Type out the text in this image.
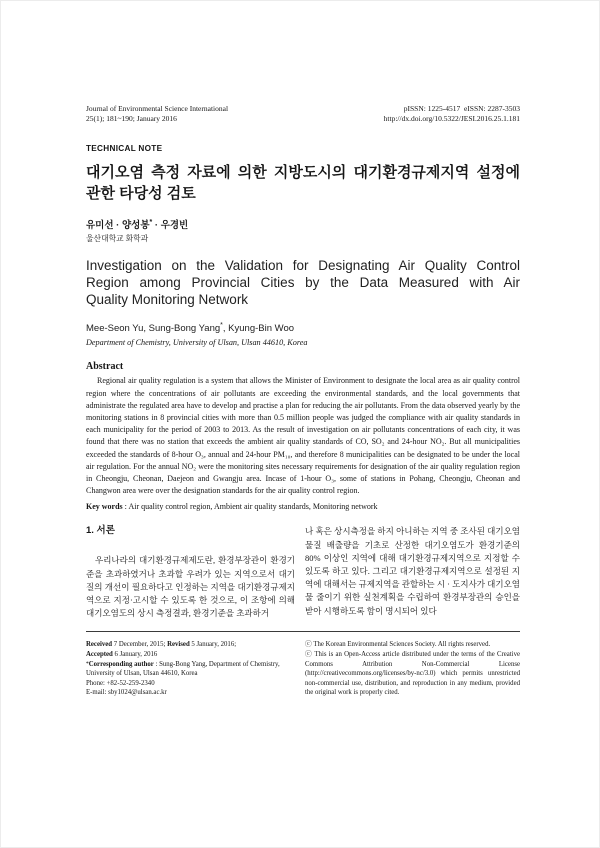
Journal of Environmental Science International
25(1); 181~190; January 2016
pISSN: 1225-4517  eISSN: 2287-3503
http://dx.doi.org/10.5322/JESI.2016.25.1.181
TECHNICAL NOTE
대기오염 측정 자료에 의한 지방도시의 대기환경규제지역 설정에
관한 타당성 검토
유미선 · 양성봉* · 우경빈
울산대학교 화학과
Investigation on the Validation for Designating Air Quality Control
Region among Provincial Cities by the Data Measured with Air
Quality Monitoring Network
Mee-Seon Yu, Sung-Bong Yang*, Kyung-Bin Woo
Department of Chemistry, University of Ulsan, Ulsan 44610, Korea
Abstract

Regional air quality regulation is a system that allows the Minister of Environment to designate the local area as air quality control region where the concentrations of air pollutants are exceeding the environmental standards, and the local governments that administrate the regulated area have to develop and practise a plan for reducing the air pollutants. From the data observed yearly by the monitoring stations in 8 provincial cities with more than 0.5 million people was judged the compliance with air quality standards in each municipality for the period of 2003 to 2013. As the result of investigation on air pollutants concentrations of each city, it was found that there was no station that exceeds the ambient air quality standards of CO, SO₂ and 24-hour NO₂. But all municipalities exceeded the standards of 8-hour O₃, annual and 24-hour PM₁₀, and therefore 8 municipalities can be designated to be under the local air regulation. For the annual NO₂ were the monitoring sites necessary requirements for designation of the air quality regulation region in Cheongju, Cheonan, Daejeon and Gwangju area. Incase of 1-hour O₃, some of stations in Pohang, Cheongju, Cheonan and Changwon area were over the designation standards for the air quality control region.

Key words : Air quality control region, Ambient air quality standards, Monitoring network
1. 서론

우리나라의 대기환경규제제도란, 환경부장관이 환경기준을 초과하였거나 초과할 우려가 있는 지역으로서 대기질의 개선이 필요하다고 인정하는 지역을 대기환경규제지역으로 지정·고시할 수 있도록 한 것으로, 이 조항에 의해 대기오염도의 상시 측정결과, 환경기준을 초과하거

나 혹은 상시측정을 하지 아니하는 지역 중 조사된 대기오염물질 배출량을 기초로 산정한 대기오염도가 환경기준의 80% 이상인 지역에 대해 대기환경규제지역으로 지정할 수 있도록 하고 있다. 그리고 대기환경규제지역으로 설정된 지역에 대해서는 규제지역을 관할하는 시 · 도지사가 대기오염물 줄이기 위한 실천계획을 수립하여 환경부장관의 승인을 받아 시행하도록 함이 명시되어 있다

Received 7 December, 2015; Revised 5 January, 2016;
Accepted 6 January, 2016
*Corresponding author : Sung-Bong Yang, Department of Chemistry, University of Ulsan, Ulsan 44610, Korea
Phone: +82-52-259-2340
E-mail: sby1024@ulsan.ac.kr

ⓒ The Korean Environmental Sciences Society. All rights reserved.

ⓒ This is an Open-Access article distributed under the terms of the Creative Commons Attribution Non-Commercial License (http://creativecommons.org/licenses/by-nc/3.0) which permits unrestricted non-commercial use, distribution, and reproduction in any medium, provided the original work is properly cited.
